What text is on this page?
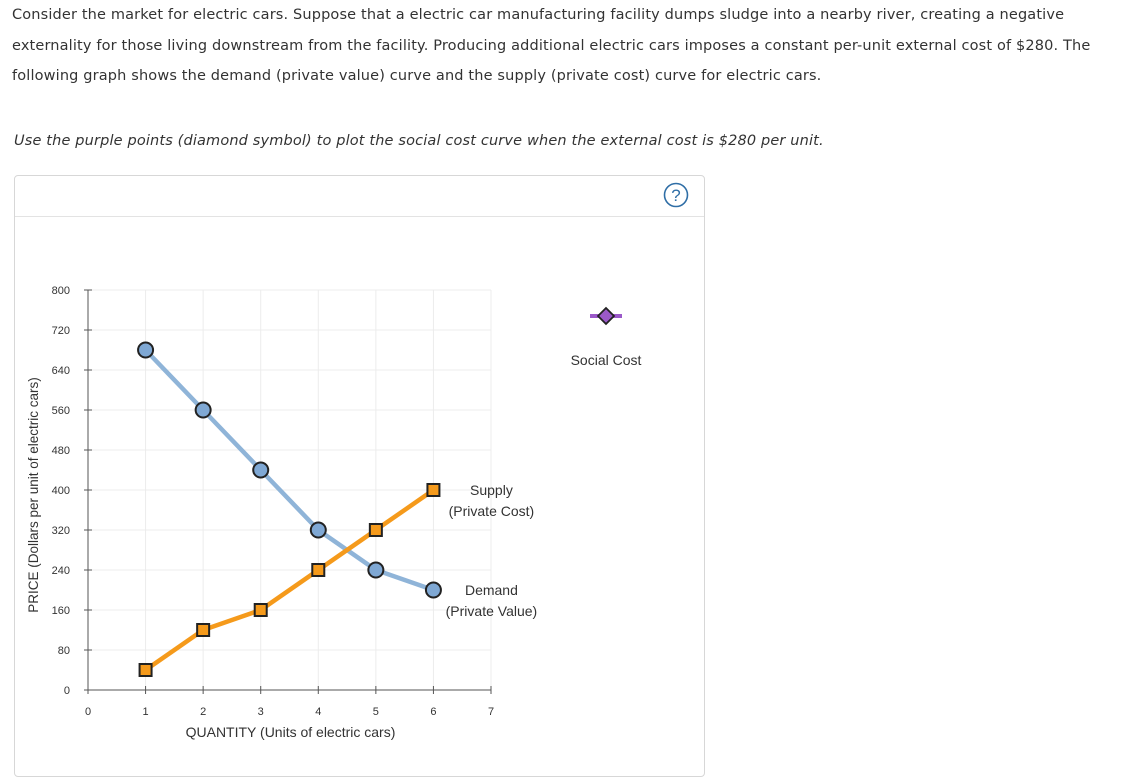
Consider the market for electric cars. Suppose that a electric car manufacturing facility dumps sludge into a nearby river, creating a negative externality for those living downstream from the facility. Producing additional electric cars imposes a constant per-unit external cost of $280. The following graph shows the demand (private value) curve and the supply (private cost) curve for electric cars.
Use the purple points (diamond symbol) to plot the social cost curve when the external cost is $280 per unit.
?
0
80
160
240
320
400
480
560
640
720
800
0	1	2	3	4	5	6	7
QUANTITY (Units of electric cars)
PRICE (Dollars per unit of electric cars)	Demand
(Private Value)
Supply
(Private Cost)
Social Cost
